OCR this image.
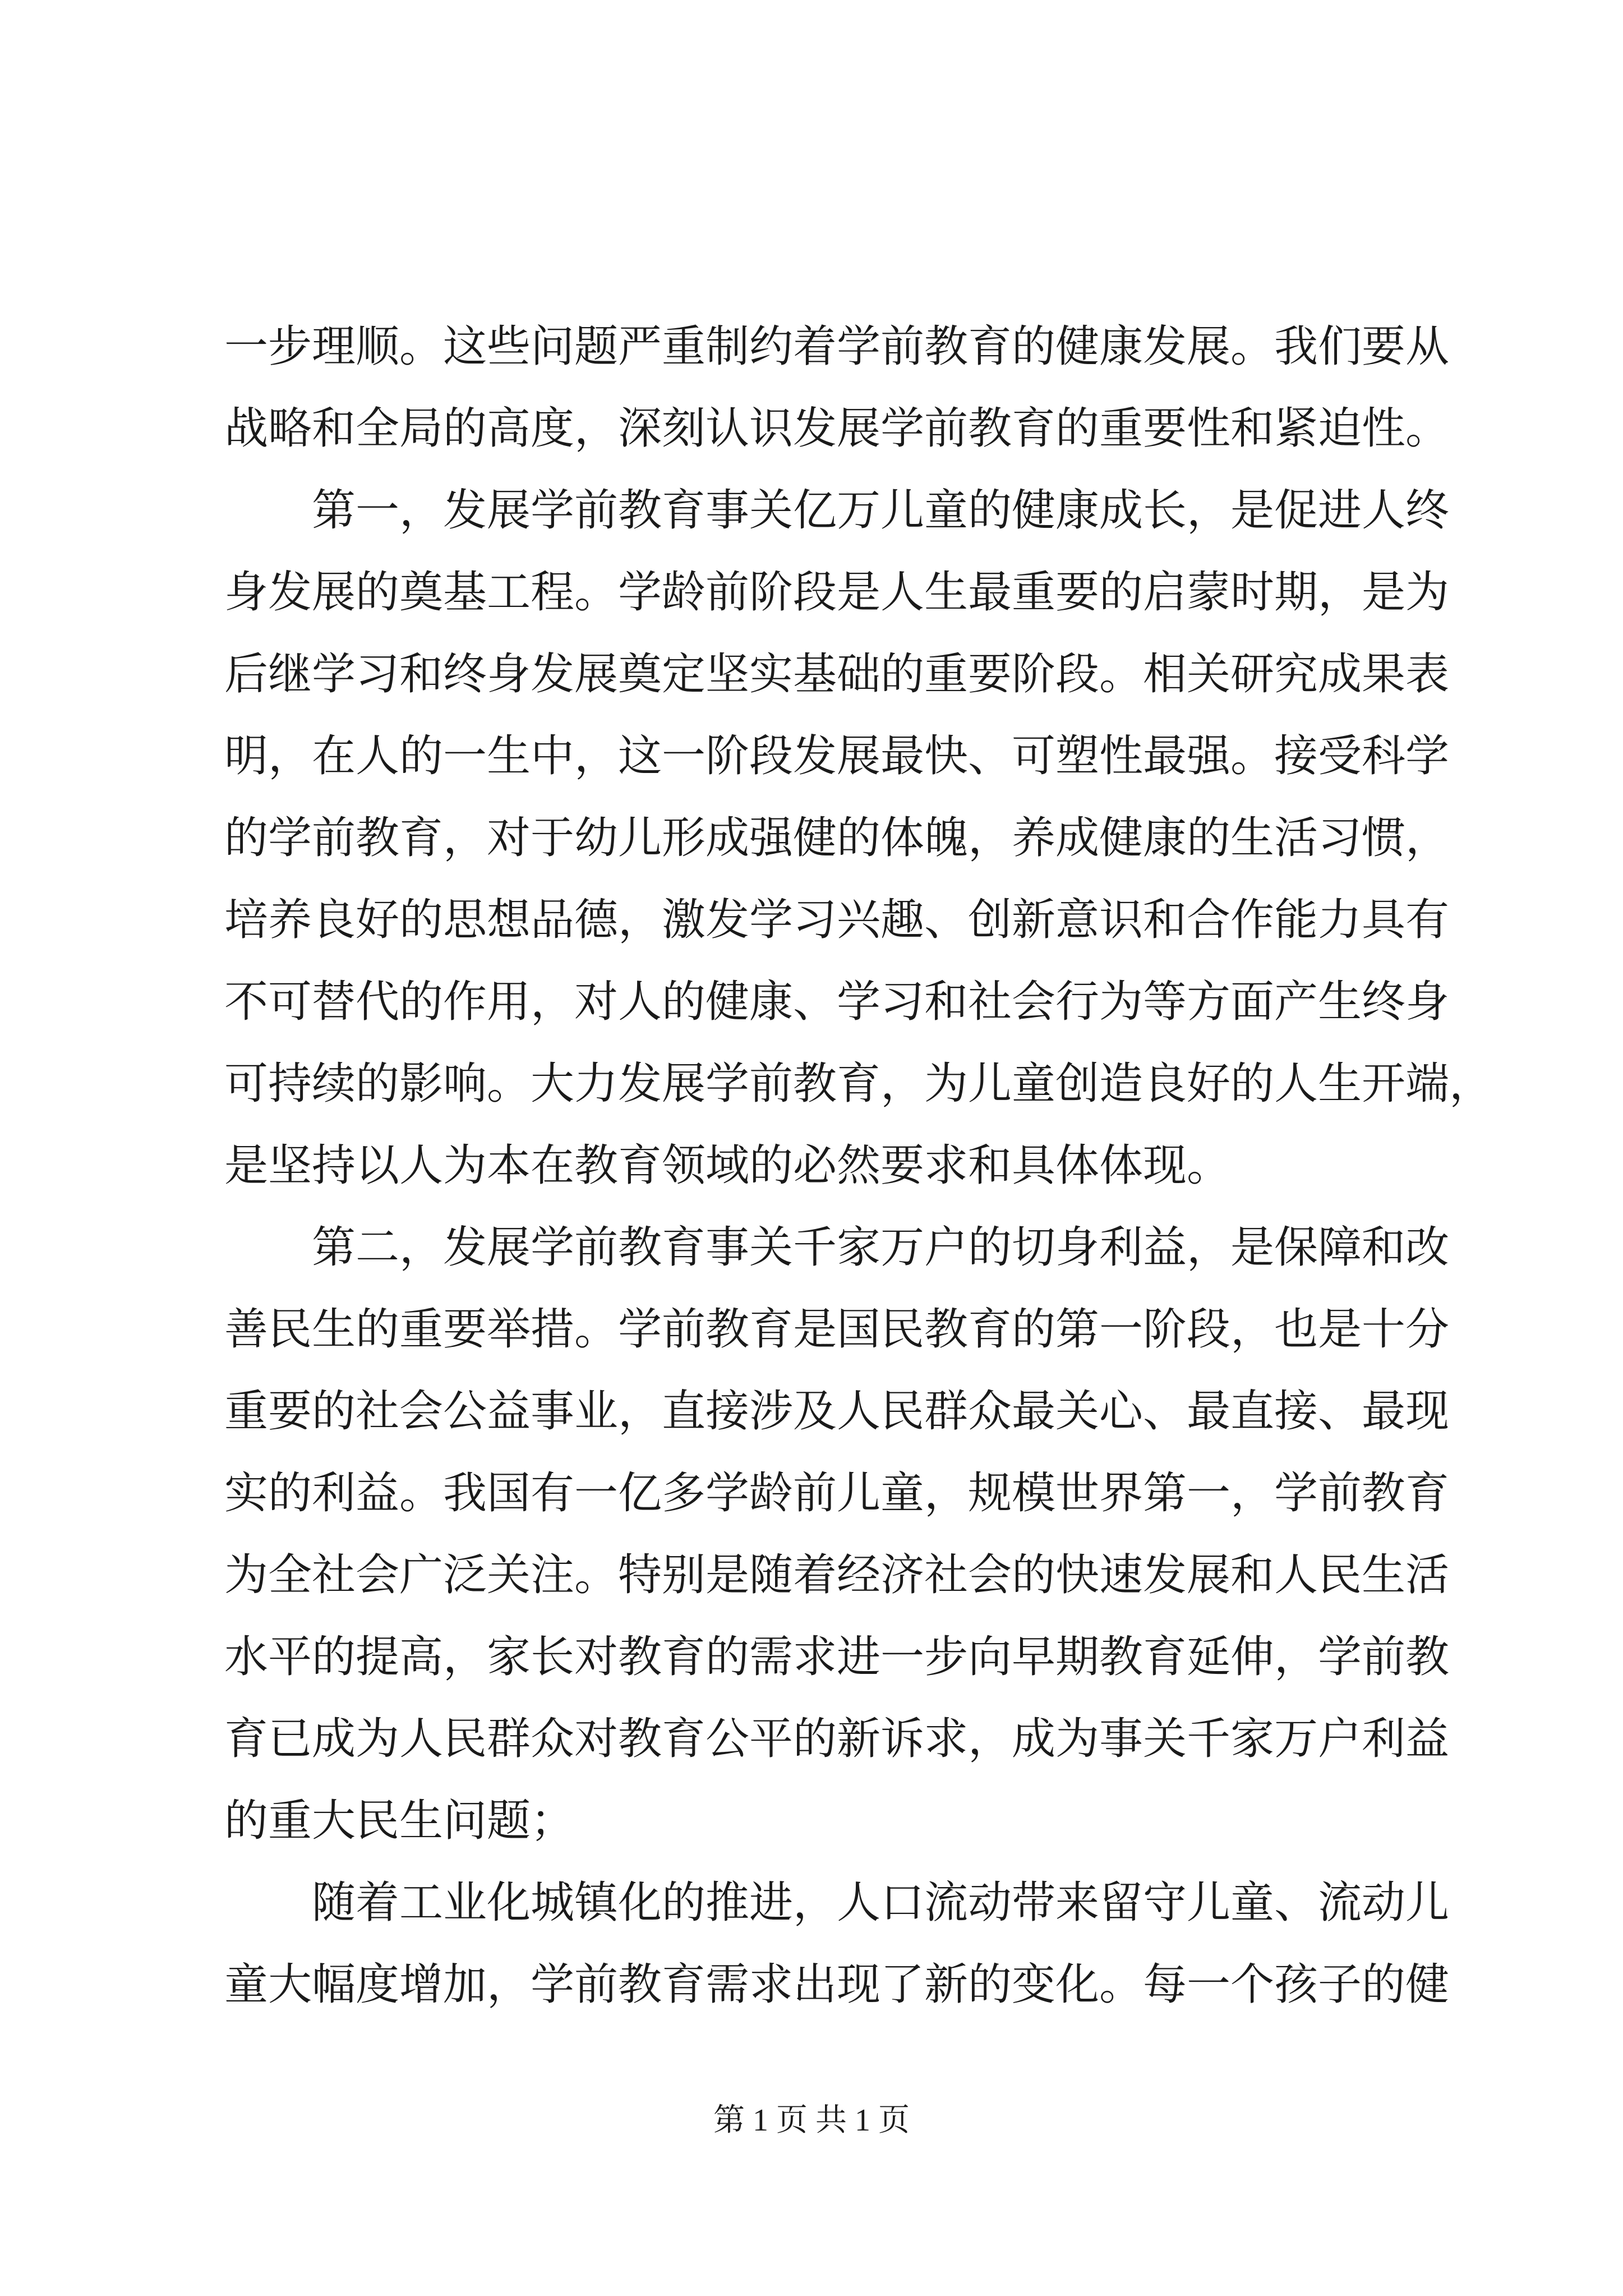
一步理顺。这些问题严重制约着学前教育的健康发展。我们要从
战略和全局的高度，深刻认识发展学前教育的重要性和紧迫性。
第一，发展学前教育事关亿万儿童的健康成长，是促进人终
身发展的奠基工程。学龄前阶段是人生最重要的启蒙时期，是为
后继学习和终身发展奠定坚实基础的重要阶段。相关研究成果表
明，在人的一生中，这一阶段发展最快、可塑性最强。接受科学
的学前教育，对于幼儿形成强健的体魄，养成健康的生活习惯，
培养良好的思想品德，激发学习兴趣、创新意识和合作能力具有
不可替代的作用，对人的健康、学习和社会行为等方面产生终身
可持续的影响。大力发展学前教育，为儿童创造良好的人生开端，
是坚持以人为本在教育领域的必然要求和具体体现。
第二，发展学前教育事关千家万户的切身利益，是保障和改
善民生的重要举措。学前教育是国民教育的第一阶段，也是十分
重要的社会公益事业，直接涉及人民群众最关心、最直接、最现
实的利益。我国有一亿多学龄前儿童，规模世界第一，学前教育
为全社会广泛关注。特别是随着经济社会的快速发展和人民生活
水平的提高，家长对教育的需求进一步向早期教育延伸，学前教
育已成为人民群众对教育公平的新诉求，成为事关千家万户利益
的重大民生问题；
随着工业化城镇化的推进，人口流动带来留守儿童、流动儿
童大幅度增加，学前教育需求出现了新的变化。每一个孩子的健
第 1 页 共 1 页
